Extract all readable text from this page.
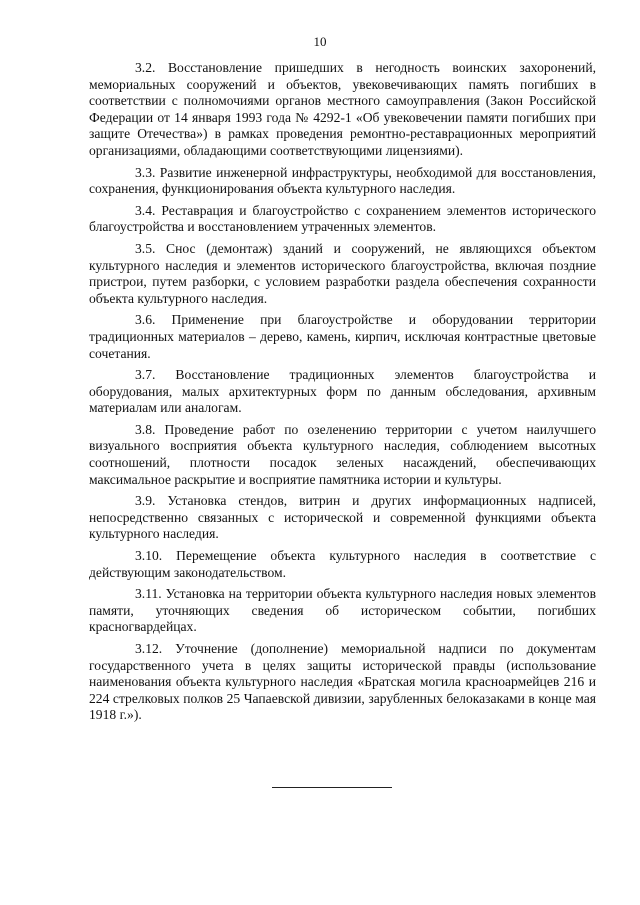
10

3.2. Восстановление пришедших в негодность воинских захоронений, мемориальных сооружений и объектов, увековечивающих память погибших в соответствии с полномочиями органов местного самоуправления (Закон Российской Федерации от 14 января 1993 года № 4292-1 «Об увековечении памяти погибших при защите Отечества») в рамках проведения ремонтно-реставрационных мероприятий организациями, обладающими соответствующими лицензиями).

3.3. Развитие инженерной инфраструктуры, необходимой для восстановления, сохранения, функционирования объекта культурного наследия.

3.4. Реставрация и благоустройство с сохранением элементов исторического благоустройства и восстановлением утраченных элементов.

3.5. Снос (демонтаж) зданий и сооружений, не являющихся объектом культурного наследия и элементов исторического благоустройства, включая поздние пристрои, путем разборки, с условием разработки раздела обеспечения сохранности объекта культурного наследия.

3.6. Применение при благоустройстве и оборудовании территории традиционных материалов – дерево, камень, кирпич, исключая контрастные цветовые сочетания.

3.7. Восстановление традиционных элементов благоустройства и оборудования, малых архитектурных форм по данным обследования, архивным материалам или аналогам.

3.8. Проведение работ по озеленению территории с учетом наилучшего визуального восприятия объекта культурного наследия, соблюдением высотных соотношений, плотности посадок зеленых насаждений, обеспечивающих максимальное раскрытие и восприятие памятника истории и культуры.

3.9. Установка стендов, витрин и других информационных надписей, непосредственно связанных с исторической и современной функциями объекта культурного наследия.

3.10. Перемещение объекта культурного наследия в соответствие с действующим законодательством.

3.11. Установка на территории объекта культурного наследия новых элементов памяти, уточняющих сведения об историческом событии, погибших красногвардейцах.

3.12. Уточнение (дополнение) мемориальной надписи по документам государственного учета в целях защиты исторической правды (использование наименования объекта культурного наследия «Братская могила красноармейцев 216 и 224 стрелковых полков 25 Чапаевской дивизии, зарубленных белоказаками в конце мая 1918 г.»).
